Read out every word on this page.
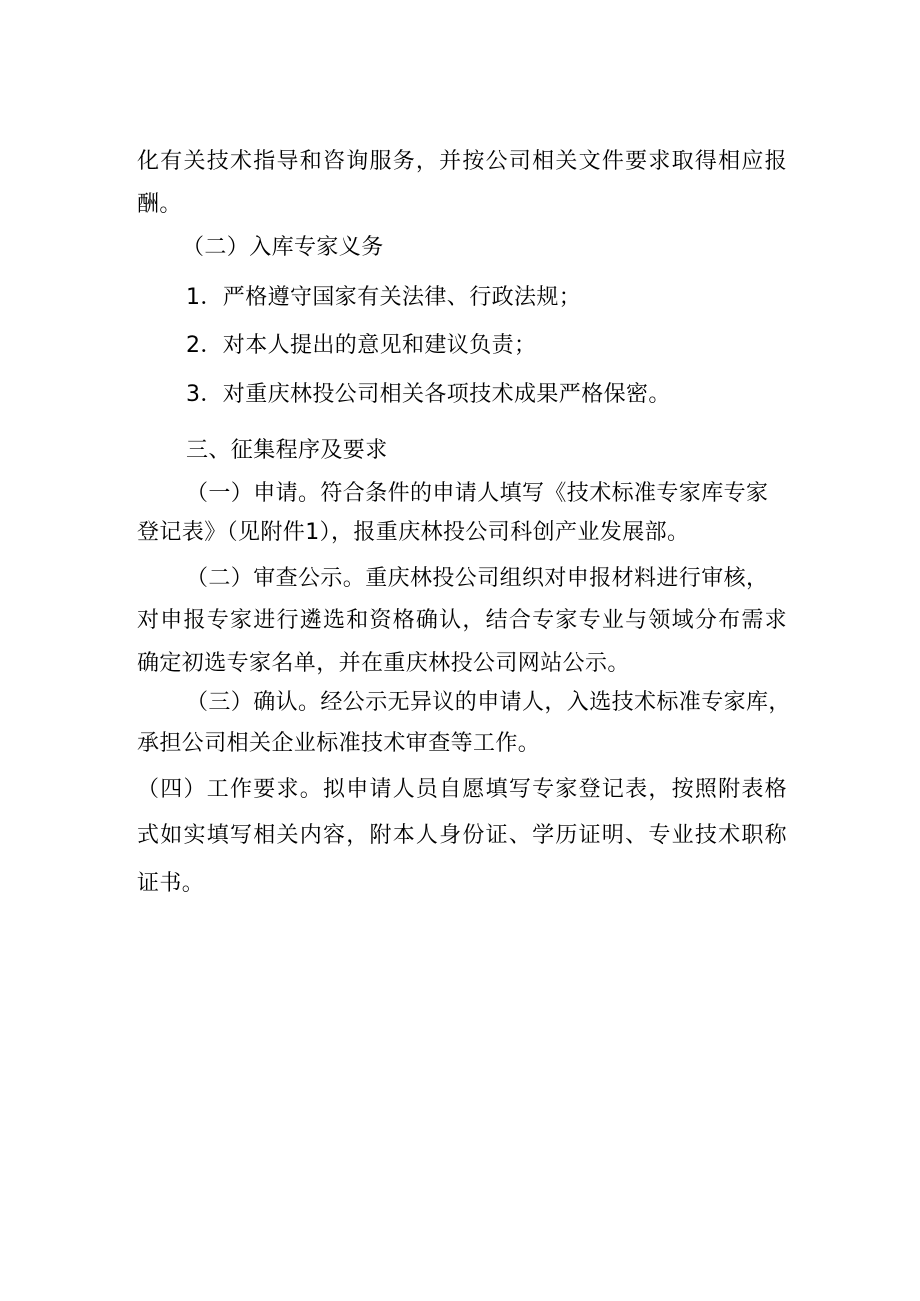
化有关技术指导和咨询服务，并按公司相关文件要求取得相应报
酬。
（二）入库专家义务
1．严格遵守国家有关法律、行政法规；
2．对本人提出的意见和建议负责；
3．对重庆林投公司相关各项技术成果严格保密。
三、征集程序及要求
（一）申请。符合条件的申请人填写《技术标准专家库专家
登记表》（见附件1），报重庆林投公司科创产业发展部。
（二）审查公示。重庆林投公司组织对申报材料进行审核，
对申报专家进行遴选和资格确认，结合专家专业与领域分布需求
确定初选专家名单，并在重庆林投公司网站公示。
（三）确认。经公示无异议的申请人，入选技术标准专家库，
承担公司相关企业标准技术审查等工作。
（四）工作要求。拟申请人员自愿填写专家登记表，按照附表格
式如实填写相关内容，附本人身份证、学历证明、专业技术职称
证书。
